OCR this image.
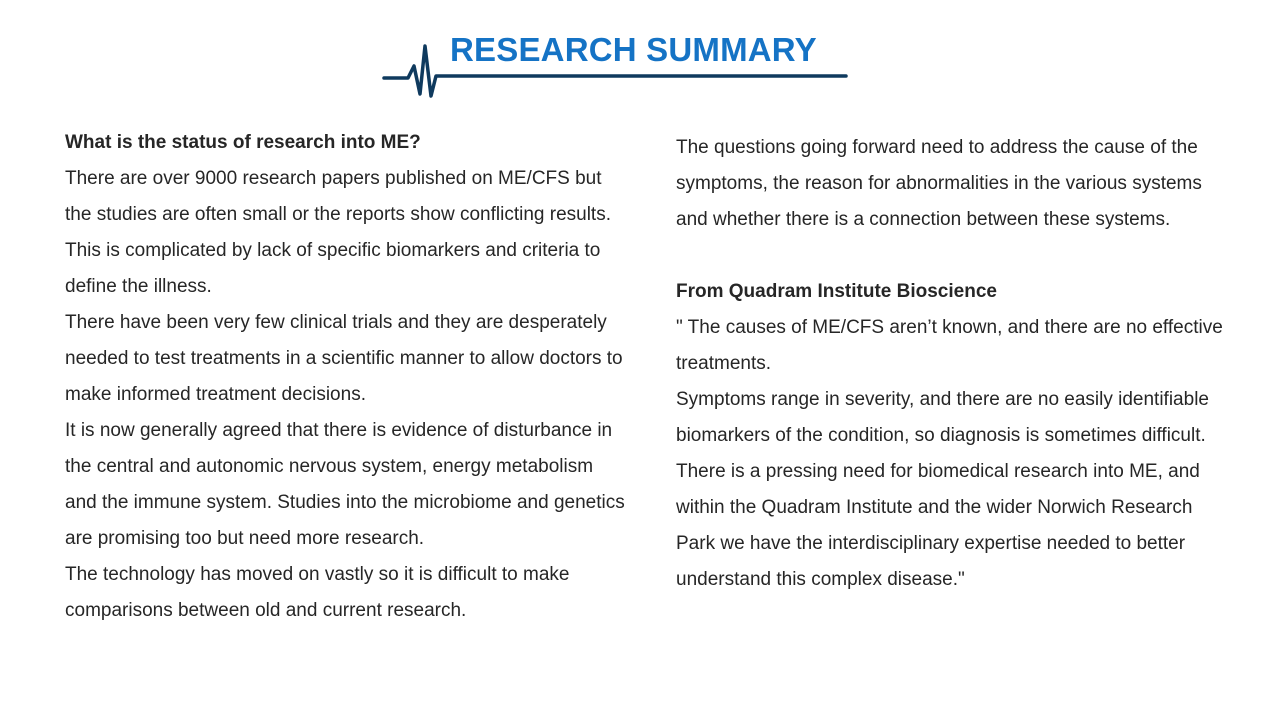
RESEARCH SUMMARY

What is the status of research into ME?

There are over 9000 research papers published on ME/CFS but the studies are often small or the reports show conflicting results. This is complicated by lack of specific biomarkers and criteria to define the illness.

There have been very few clinical trials and they are desperately needed to test treatments in a scientific manner to allow doctors to make informed treatment decisions.

It is now generally agreed that there is evidence of disturbance in the central and autonomic nervous system, energy metabolism and the immune system. Studies into the microbiome and genetics are promising too but need more research.

The technology has moved on vastly so it is difficult to make comparisons between old and current research.

The questions going forward need to address the cause of the symptoms, the reason for abnormalities in the various systems and whether there is a connection between these systems.

From Quadram Institute Bioscience

" The causes of ME/CFS aren’t known, and there are no effective treatments.

Symptoms range in severity, and there are no easily identifiable biomarkers of the condition, so diagnosis is sometimes difficult.

There is a pressing need for biomedical research into ME, and within the Quadram Institute and the wider Norwich Research Park we have the interdisciplinary expertise needed to better understand this complex disease."
